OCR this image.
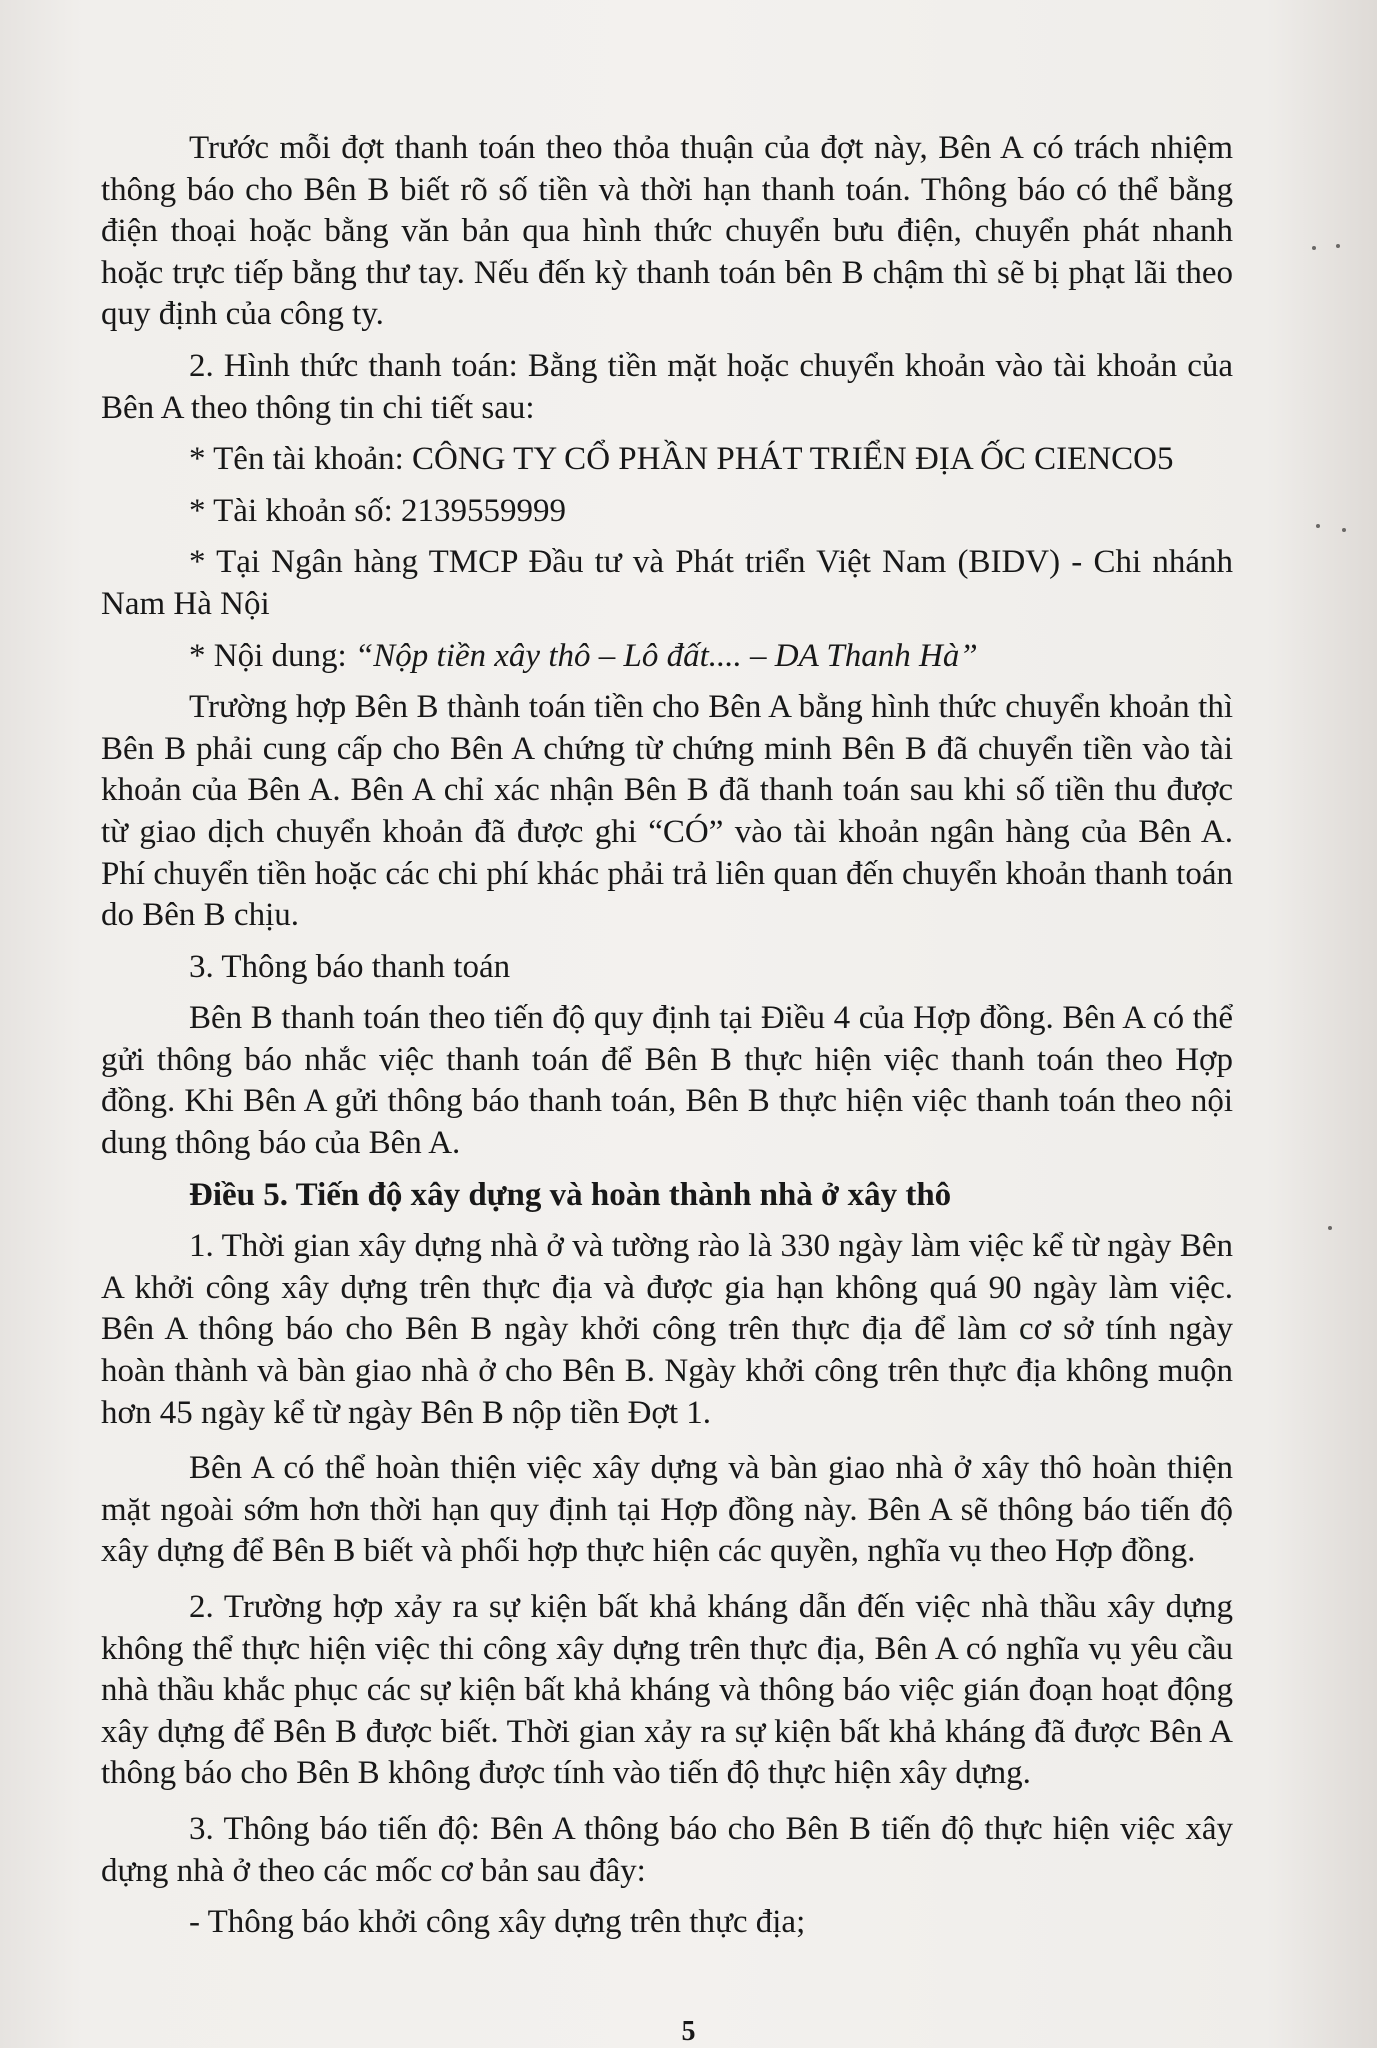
Trước mỗi đợt thanh toán theo thỏa thuận của đợt này, Bên A có trách nhiệm thông báo cho Bên B biết rõ số tiền và thời hạn thanh toán. Thông báo có thể bằng điện thoại hoặc bằng văn bản qua hình thức chuyển bưu điện, chuyển phát nhanh hoặc trực tiếp bằng thư tay. Nếu đến kỳ thanh toán bên B chậm thì sẽ bị phạt lãi theo quy định của công ty.

2. Hình thức thanh toán: Bằng tiền mặt hoặc chuyển khoản vào tài khoản của Bên A theo thông tin chi tiết sau:

* Tên tài khoản: CÔNG TY CỔ PHẦN PHÁT TRIỂN ĐỊA ỐC CIENCO5

* Tài khoản số: 2139559999

* Tại Ngân hàng TMCP Đầu tư và Phát triển Việt Nam (BIDV) - Chi nhánh Nam Hà Nội

* Nội dung: “Nộp tiền xây thô – Lô đất.... – DA Thanh Hà”

Trường hợp Bên B thành toán tiền cho Bên A bằng hình thức chuyển khoản thì Bên B phải cung cấp cho Bên A chứng từ chứng minh Bên B đã chuyển tiền vào tài khoản của Bên A. Bên A chỉ xác nhận Bên B đã thanh toán sau khi số tiền thu được từ giao dịch chuyển khoản đã được ghi “CÓ” vào tài khoản ngân hàng của Bên A. Phí chuyển tiền hoặc các chi phí khác phải trả liên quan đến chuyển khoản thanh toán do Bên B chịu.

3. Thông báo thanh toán

Bên B thanh toán theo tiến độ quy định tại Điều 4 của Hợp đồng. Bên A có thể gửi thông báo nhắc việc thanh toán để Bên B thực hiện việc thanh toán theo Hợp đồng. Khi Bên A gửi thông báo thanh toán, Bên B thực hiện việc thanh toán theo nội dung thông báo của Bên A.

Điều 5. Tiến độ xây dựng và hoàn thành nhà ở xây thô

1. Thời gian xây dựng nhà ở và tường rào là 330 ngày làm việc kể từ ngày Bên A khởi công xây dựng trên thực địa và được gia hạn không quá 90 ngày làm việc. Bên A thông báo cho Bên B ngày khởi công trên thực địa để làm cơ sở tính ngày hoàn thành và bàn giao nhà ở cho Bên B. Ngày khởi công trên thực địa không muộn hơn 45 ngày kể từ ngày Bên B nộp tiền Đợt 1.

Bên A có thể hoàn thiện việc xây dựng và bàn giao nhà ở xây thô hoàn thiện mặt ngoài sớm hơn thời hạn quy định tại Hợp đồng này. Bên A sẽ thông báo tiến độ xây dựng để Bên B biết và phối hợp thực hiện các quyền, nghĩa vụ theo Hợp đồng.

2. Trường hợp xảy ra sự kiện bất khả kháng dẫn đến việc nhà thầu xây dựng không thể thực hiện việc thi công xây dựng trên thực địa, Bên A có nghĩa vụ yêu cầu nhà thầu khắc phục các sự kiện bất khả kháng và thông báo việc gián đoạn hoạt động xây dựng để Bên B được biết. Thời gian xảy ra sự kiện bất khả kháng đã được Bên A thông báo cho Bên B không được tính vào tiến độ thực hiện xây dựng.

3. Thông báo tiến độ: Bên A thông báo cho Bên B tiến độ thực hiện việc xây dựng nhà ở theo các mốc cơ bản sau đây:

- Thông báo khởi công xây dựng trên thực địa;

5
